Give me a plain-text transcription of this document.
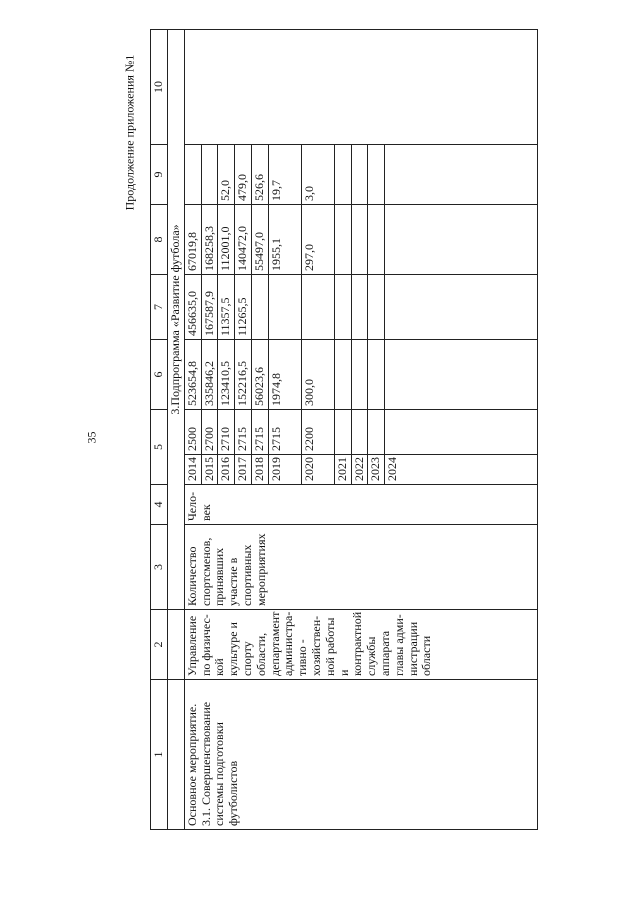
35
Продолжение приложения №1
1	2	3	4	5		6	7	8	9	10
		3.Подпрограмма «Развитие футбола»								
Основное мероприятие. 3.1. Совершенствование системы подготовки футболистов	Управление по физичес-кой культуре и спорту области, департамент администра-тивно - хозяйствен-ной работы и контрактной службы аппарата главы адми-нистрации области	Количество спортсменов, принявших участие в спортивных мероприятиях	Чело-век	2014	2500	523654,8	456635,0	67019,8		
				2015	2700	335846,2	167587,9	168258,3		
				2016	2710	123410,5	11357,5	112001,0	52,0	
				2017	2715	152216,5	11265,5	140472,0	479,0	
				2018	2715	56023,6		55497,0	526,6	
				2019	2715	1974,8		1955,1	19,7	
				2020	2200	300,0		297,0	3,0	
				2021						
				2022						
				2023						
				2024						
